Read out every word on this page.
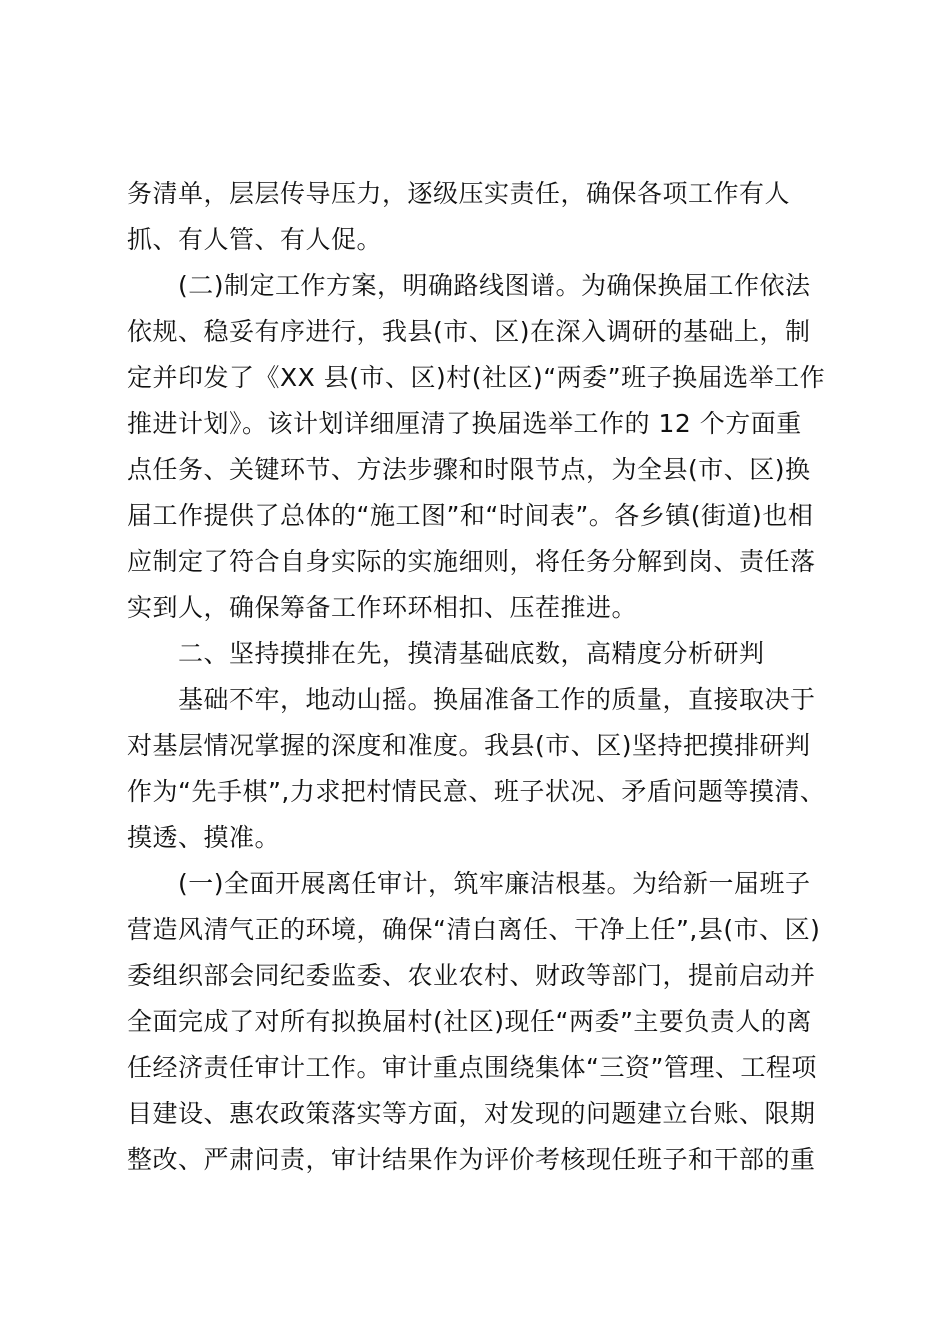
务清单，层层传导压力，逐级压实责任，确保各项工作有人
抓、有人管、有人促。
(二)制定工作方案，明确路线图谱。为确保换届工作依法
依规、稳妥有序进行，我县(市、区)在深入调研的基础上，制
定并印发了《XX 县(市、区)村(社区)“两委”班子换届选举工作
推进计划》。该计划详细厘清了换届选举工作的 12 个方面重
点任务、关键环节、方法步骤和时限节点，为全县(市、区)换
届工作提供了总体的“施工图”和“时间表”。各乡镇(街道)也相
应制定了符合自身实际的实施细则，将任务分解到岗、责任落
实到人，确保筹备工作环环相扣、压茬推进。
二、坚持摸排在先，摸清基础底数，高精度分析研判
基础不牢，地动山摇。换届准备工作的质量，直接取决于
对基层情况掌握的深度和准度。我县(市、区)坚持把摸排研判
作为“先手棋”,力求把村情民意、班子状况、矛盾问题等摸清、
摸透、摸准。
(一)全面开展离任审计，筑牢廉洁根基。为给新一届班子
营造风清气正的环境，确保“清白离任、干净上任”,县(市、区)
委组织部会同纪委监委、农业农村、财政等部门，提前启动并
全面完成了对所有拟换届村(社区)现任“两委”主要负责人的离
任经济责任审计工作。审计重点围绕集体“三资”管理、工程项
目建设、惠农政策落实等方面，对发现的问题建立台账、限期
整改、严肃问责，审计结果作为评价考核现任班子和干部的重
